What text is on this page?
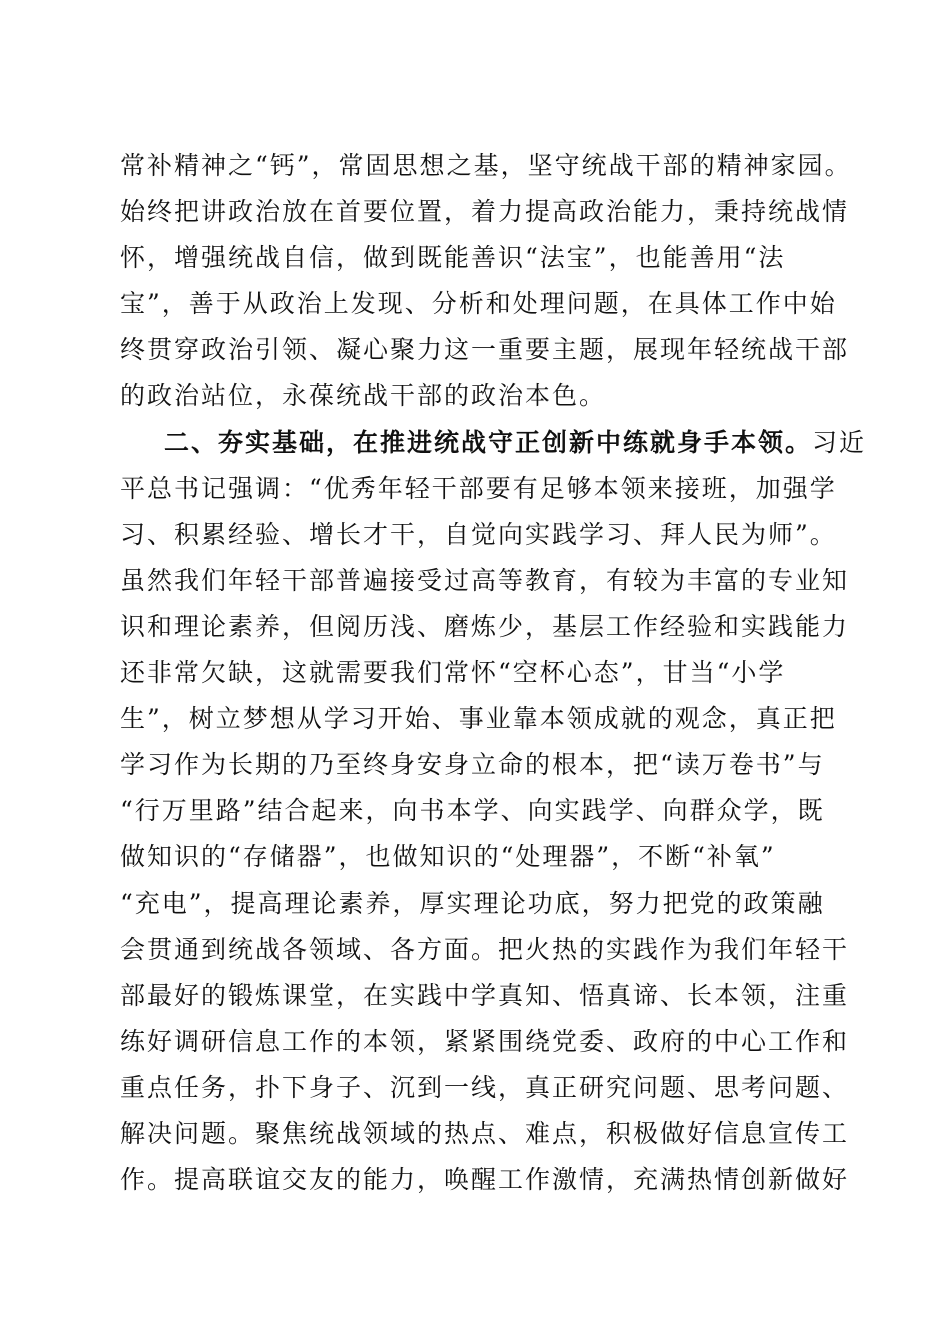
常补精神之“钙”，常固思想之基，坚守统战干部的精神家园。
始终把讲政治放在首要位置，着力提高政治能力，秉持统战情
怀，增强统战自信，做到既能善识“法宝”，也能善用“法
宝”，善于从政治上发现、分析和处理问题，在具体工作中始
终贯穿政治引领、凝心聚力这一重要主题，展现年轻统战干部
的政治站位，永葆统战干部的政治本色。
二、夯实基础，在推进统战守正创新中练就身手本领。习近
平总书记强调：“优秀年轻干部要有足够本领来接班，加强学
习、积累经验、增长才干，自觉向实践学习、拜人民为师”。
虽然我们年轻干部普遍接受过高等教育，有较为丰富的专业知
识和理论素养，但阅历浅、磨炼少，基层工作经验和实践能力
还非常欠缺，这就需要我们常怀“空杯心态”，甘当“小学
生”，树立梦想从学习开始、事业靠本领成就的观念，真正把
学习作为长期的乃至终身安身立命的根本，把“读万卷书”与
“行万里路”结合起来，向书本学、向实践学、向群众学，既
做知识的“存储器”，也做知识的“处理器”，不断“补氧”
“充电”，提高理论素养，厚实理论功底，努力把党的政策融
会贯通到统战各领域、各方面。把火热的实践作为我们年轻干
部最好的锻炼课堂，在实践中学真知、悟真谛、长本领，注重
练好调研信息工作的本领，紧紧围绕党委、政府的中心工作和
重点任务，扑下身子、沉到一线，真正研究问题、思考问题、
解决问题。聚焦统战领域的热点、难点，积极做好信息宣传工
作。提高联谊交友的能力，唤醒工作激情，充满热情创新做好
